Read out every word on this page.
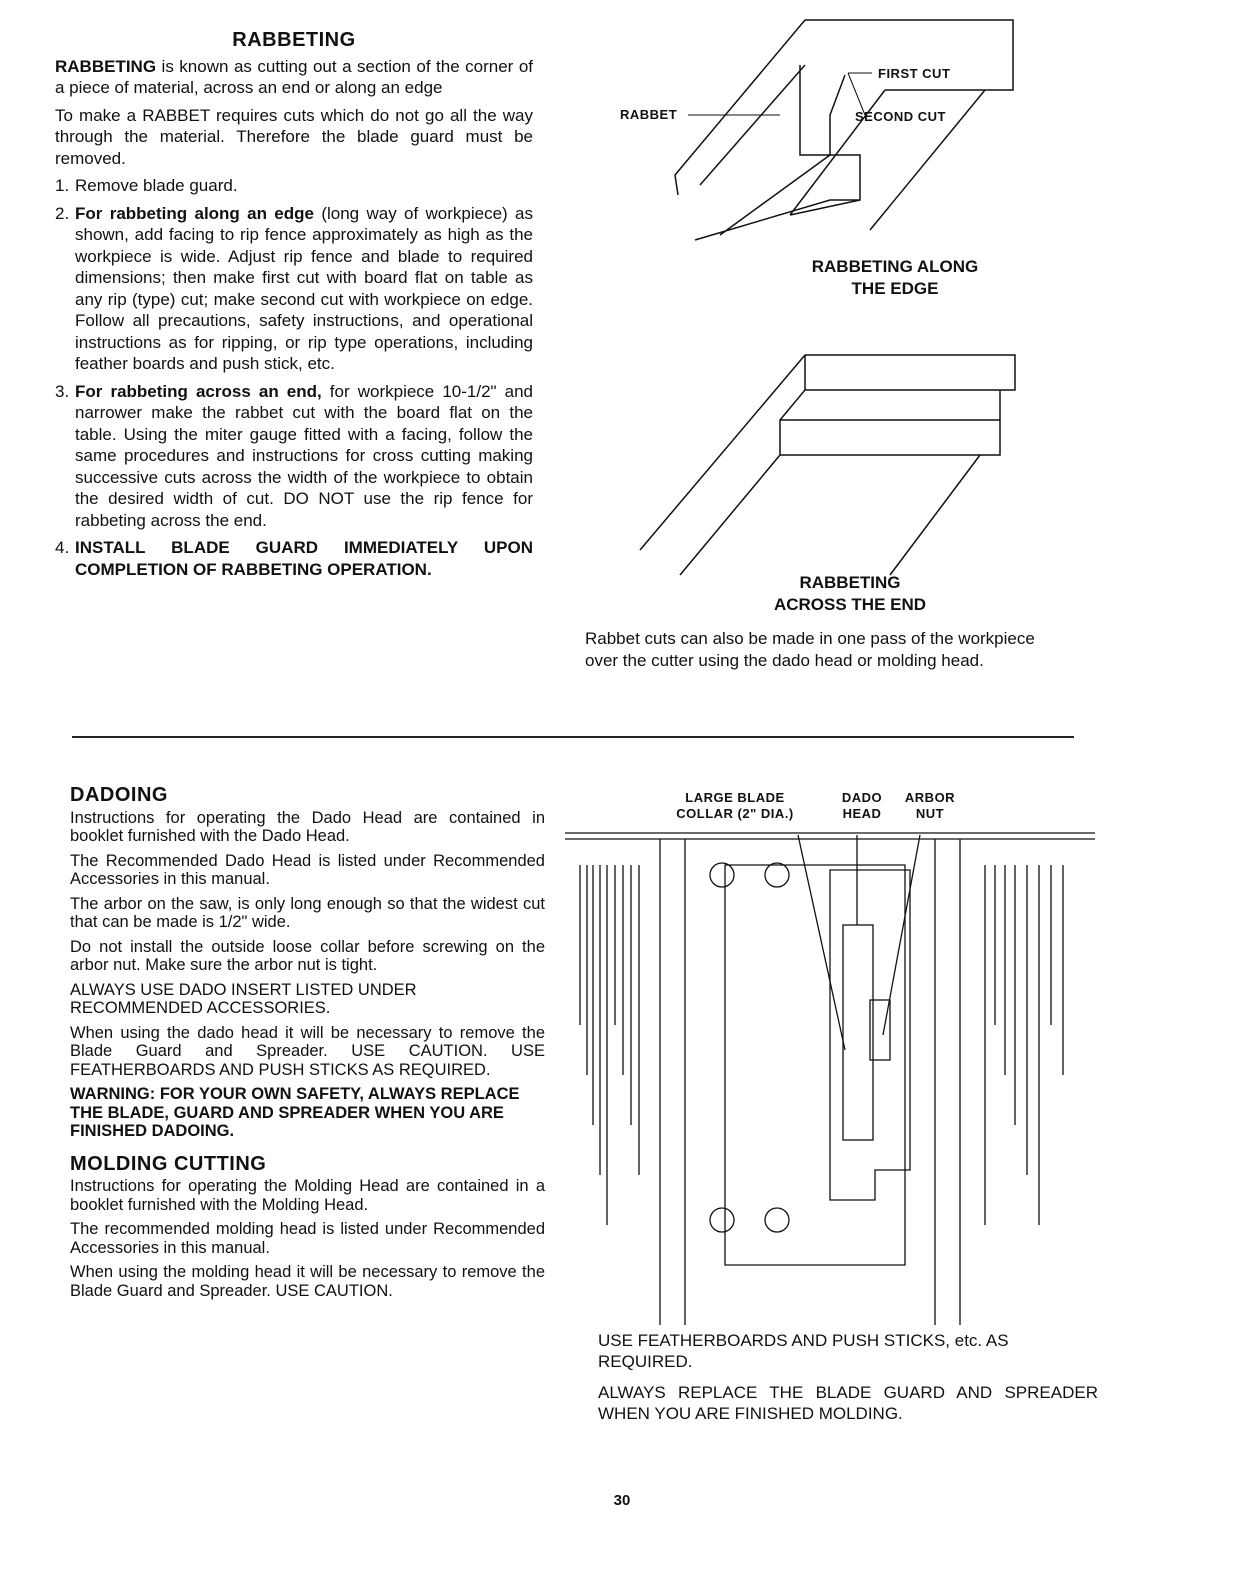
RABBETING

RABBETING is known as cutting out a section of the corner of a piece of material, across an end or along an edge

To make a RABBET requires cuts which do not go all the way through the material. Therefore the blade guard must be removed.

1. Remove blade guard.
2. For rabbeting along an edge (long way of workpiece) as shown, add facing to rip fence approximately as high as the workpiece is wide. Adjust rip fence and blade to required dimensions; then make first cut with board flat on table as any rip (type) cut; make second cut with workpiece on edge. Follow all precautions, safety instructions, and operational instructions as for ripping, or rip type operations, including feather boards and push stick, etc.
3. For rabbeting across an end, for workpiece 10-1/2" and narrower make the rabbet cut with the board flat on the table. Using the miter gauge fitted with a facing, follow the same procedures and instructions for cross cutting making successive cuts across the width of the workpiece to obtain the desired width of cut. DO NOT use the rip fence for rabbeting across the end.
4. INSTALL BLADE GUARD IMMEDIATELY UPON COMPLETION OF RABBETING OPERATION.
RABBET
FIRST CUT
SECOND CUT
RABBETING ALONG
THE EDGE
RABBETING
ACROSS THE END

Rabbet cuts can also be made in one pass of the workpiece over the cutter using the dado head or molding head.

DADOING

Instructions for operating the Dado Head are contained in booklet furnished with the Dado Head.

The Recommended Dado Head is listed under Recommended Accessories in this manual.

The arbor on the saw, is only long enough so that the widest cut that can be made is 1/2" wide.

Do not install the outside loose collar before screwing on the arbor nut. Make sure the arbor nut is tight.

ALWAYS USE DADO INSERT LISTED UNDER RECOMMENDED ACCESSORIES.

When using the dado head it will be necessary to remove the Blade Guard and Spreader. USE CAUTION. USE FEATHERBOARDS AND PUSH STICKS AS REQUIRED.

WARNING: FOR YOUR OWN SAFETY, ALWAYS REPLACE THE BLADE, GUARD AND SPREADER WHEN YOU ARE FINISHED DADOING.

MOLDING CUTTING

Instructions for operating the Molding Head are contained in a booklet furnished with the Molding Head.

The recommended molding head is listed under Recommended Accessories in this manual.

When using the molding head it will be necessary to remove the Blade Guard and Spreader. USE CAUTION.

LARGE BLADE
COLLAR (2" DIA.)
DADO
HEAD
ARBOR
NUT

USE FEATHERBOARDS AND PUSH STICKS, etc. AS REQUIRED.

ALWAYS REPLACE THE BLADE GUARD AND SPREADER WHEN YOU ARE FINISHED MOLDING.

30
